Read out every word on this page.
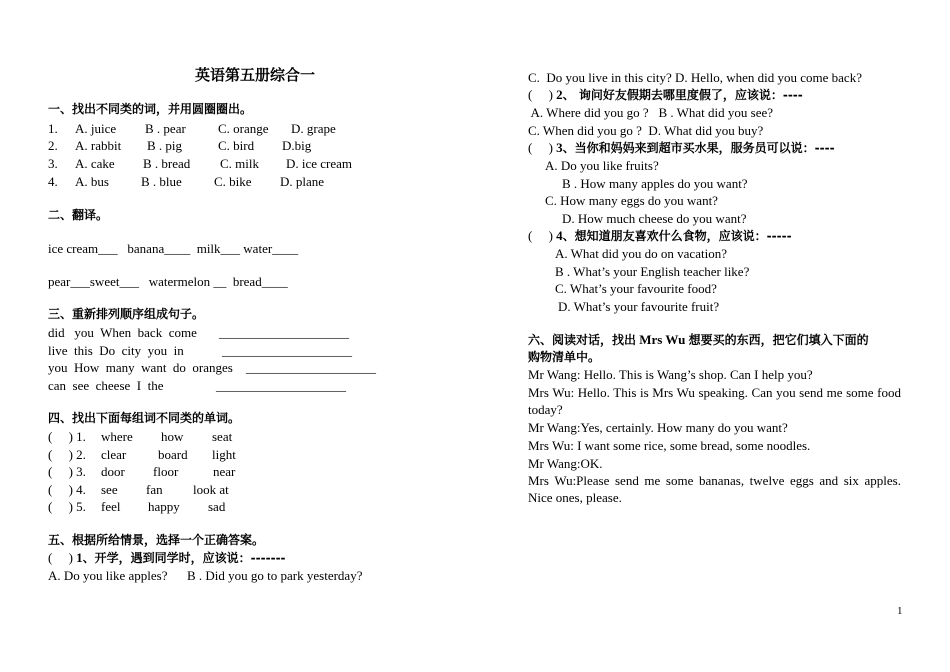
英语第五册综合一
一、找出不同类的词，并用圆圈圈出。
1. A. juice B . pear C. orange D. grape
2. A. rabbit B . pig	C. bird D.big
3. A. cake B . bread C. milk D. ice cream
4. A. bus B . blue C. bike D. plane
二、翻译。
ice cream___   banana____  milk___ water____
pear___sweet___   watermelon __  bread____
三、重新排列顺序组成句子。
did   you  When  back  come ____________________
live  this  Do  city  you  in	____________________
you  How  many  want  do  oranges ____________________
can  see  cheese  I  the	____________________
四、找出下面每组词不同类的单词。
(     ) 1. where how seat
(     ) 2. clear board light
(     ) 3. door floor	near
(     ) 4. see fan look at
(     ) 5. feel happy sad
五、根据所给情景，选择一个正确答案。
(     ) 1、开学，遇到同学时，应该说：-------
A. Do you like apples?      B . Did you go to park yesterday?
C.  Do you live in this city? D. Hello, when did you come back?
(     ) 2、 询问好友假期去哪里度假了，应该说：----
A. Where did you go ?   B . What did you see?
C. When did you go ?  D. What did you buy?
(     ) 3、当你和妈妈来到超市买水果，服务员可以说：----
A. Do you like fruits?
B . How many apples do you want?
C. How many eggs do you want?
D. How much cheese do you want?
(     ) 4、想知道朋友喜欢什么食物，应该说：-----
A. What did you do on vacation?
B . What’s your English teacher like?
C. What’s your favourite food?
D. What’s your favourite fruit?
六、阅读对话，找出 Mrs Wu 想要买的东西，把它们填入下面的
购物清单中。
Mr Wang: Hello. This is Wang’s shop. Can I help you?
Mrs Wu: Hello. This is Mrs Wu speaking. Can you send me some food today?
Mr Wang:Yes, certainly. How many do you want?
Mrs Wu: I want some rice, some bread, some noodles.
Mr Wang:OK.
Mrs Wu:Please send me some bananas, twelve eggs and six apples. Nice ones, please.
1
